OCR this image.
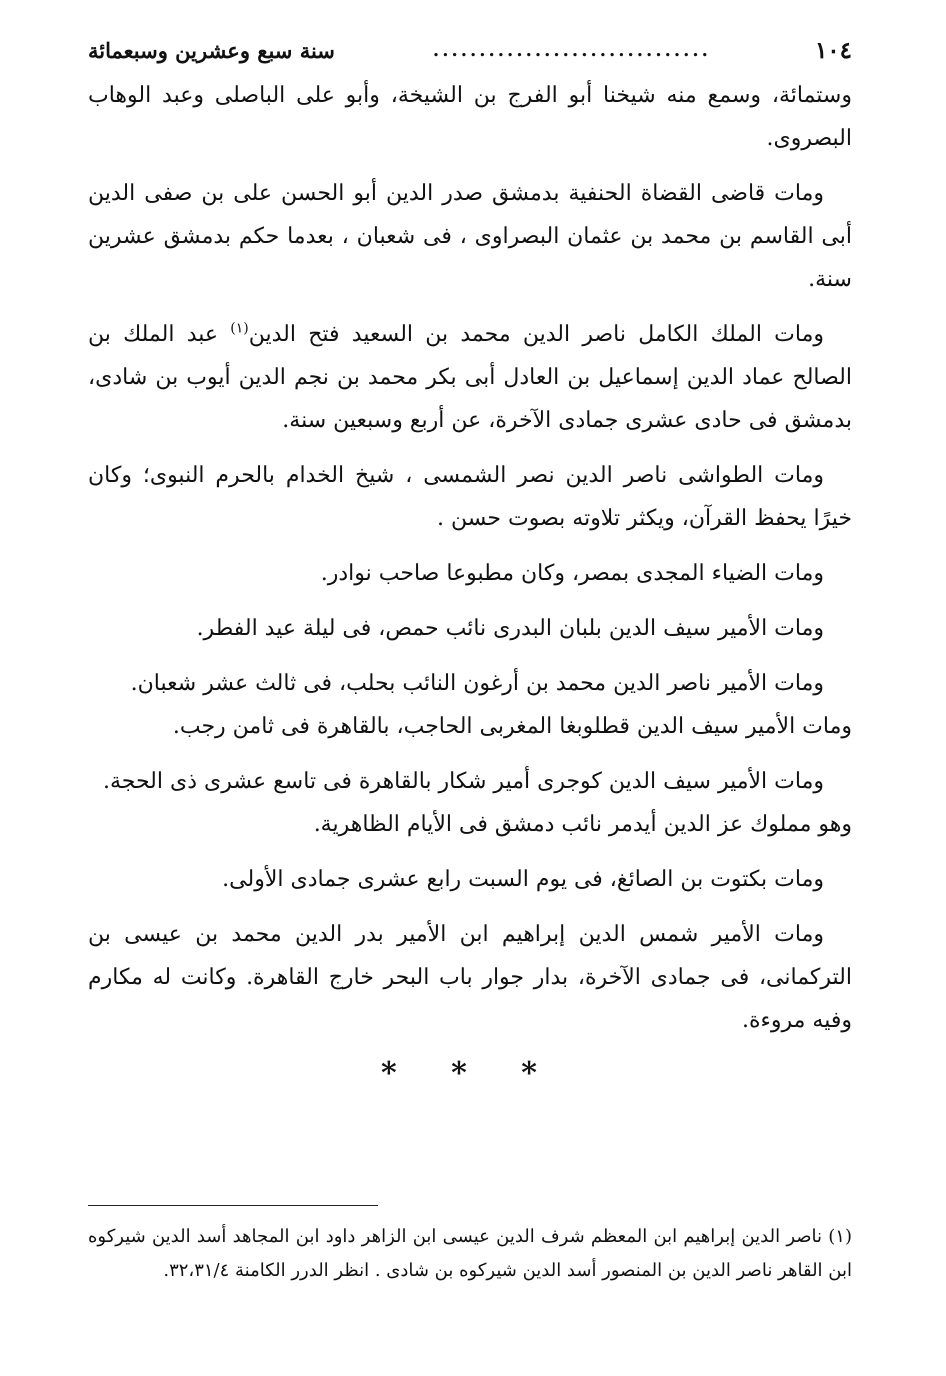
١٠٤
..............................
سنة سبع وعشرين وسبعمائة

وستمائة، وسمع منه شيخنا أبو الفرج بن الشيخة، وأبو على الباصلى وعبد الوهاب البصروى.

ومات قاضى القضاة الحنفية بدمشق صدر الدين أبو الحسن على بن صفى الدين أبى القاسم بن محمد بن عثمان البصراوى ، فى شعبان ، بعدما حكم بدمشق عشرين سنة.

ومات الملك الكامل ناصر الدين محمد بن السعيد فتح الدين$^{(١)}$ عبد الملك بن الصالح عماد الدين إسماعيل بن العادل أبى بكر محمد بن نجم الدين أيوب بن شادى، بدمشق فى حادى عشرى جمادى الآخرة، عن أربع وسبعين سنة.

ومات الطواشى ناصر الدين نصر الشمسى ، شيخ الخدام بالحرم النبوى؛ وكان خيرًا يحفظ القرآن، ويكثر تلاوته بصوت حسن .

ومات الضياء المجدى بمصر، وكان مطبوعا صاحب نوادر.

ومات الأمير سيف الدين بلبان البدرى نائب حمص، فى ليلة عيد الفطر.

ومات الأمير ناصر الدين محمد بن أرغون النائب بحلب، فى ثالث عشر شعبان.

ومات الأمير سيف الدين قطلوبغا المغربى الحاجب، بالقاهرة فى ثامن رجب.

ومات الأمير سيف الدين كوجرى أمير شكار بالقاهرة فى تاسع عشرى ذى الحجة.

وهو مملوك عز الدين أيدمر نائب دمشق فى الأيام الظاهرية.

ومات بكتوت بن الصائغ، فى يوم السبت رابع عشرى جمادى الأولى.

ومات الأمير شمس الدين إبراهيم ابن الأمير بدر الدين محمد بن عيسى بن التركمانى، فى جمادى الآخرة، بدار جوار باب البحر خارج القاهرة. وكانت له مكارم وفيه مروءة.

* * *

(١) ناصر الدين إبراهيم ابن المعظم شرف الدين عيسى ابن الزاهر داود ابن المجاهد أسد الدين شيركوه ابن القاهر ناصر الدين بن المنصور أسد الدين شيركوه بن شادى . انظر الدرر الكامنة ٣٢،٣١/٤.
